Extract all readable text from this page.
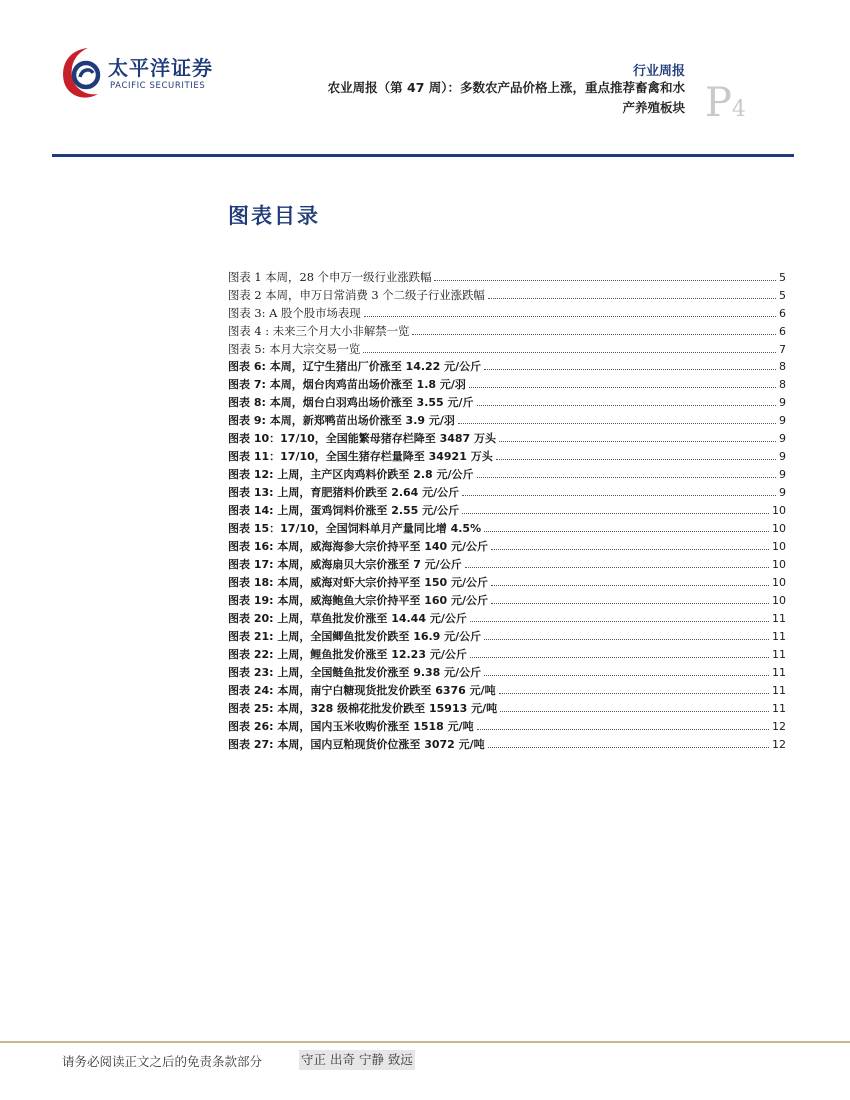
太平洋证券
PACIFIC SECURITIES
行业周报
农业周报（第 47 周）：多数农产品价格上涨，重点推荐畜禽和水
产养殖板块 P4
图表目录
图表 1 本周，28 个申万一级行业涨跌幅	5
图表 2 本周，申万日常消费 3 个二级子行业涨跌幅	5
图表 3: A 股个股市场表现	6
图表 4 : 未来三个月大小非解禁一览	6
图表 5: 本月大宗交易一览	7
图表 6: 本周，辽宁生猪出厂价涨至 14.22 元/公斤	8
图表 7: 本周，烟台肉鸡苗出场价涨至 1.8 元/羽	8
图表 8: 本周，烟台白羽鸡出场价涨至 3.55 元/斤	9
图表 9: 本周，新郑鸭苗出场价涨至 3.9 元/羽	9
图表 10：17/10，全国能繁母猪存栏降至 3487 万头	9
图表 11：17/10，全国生猪存栏量降至 34921 万头	9
图表 12: 上周，主产区肉鸡料价跌至 2.8 元/公斤	9
图表 13: 上周，育肥猪料价跌至 2.64 元/公斤	9
图表 14: 上周，蛋鸡饲料价涨至 2.55 元/公斤	10
图表 15：17/10，全国饲料单月产量同比增 4.5%	10
图表 16: 本周，威海海参大宗价持平至 140 元/公斤	10
图表 17: 本周，威海扇贝大宗价涨至 7 元/公斤	10
图表 18: 本周，威海对虾大宗价持平至 150 元/公斤	10
图表 19: 本周，威海鲍鱼大宗价持平至 160 元/公斤	10
图表 20: 上周，草鱼批发价涨至 14.44 元/公斤	11
图表 21: 上周，全国鲫鱼批发价跌至 16.9 元/公斤	11
图表 22: 上周，鲤鱼批发价涨至 12.23 元/公斤	11
图表 23: 上周，全国鲢鱼批发价涨至 9.38 元/公斤	11
图表 24: 本周，南宁白糖现货批发价跌至 6376 元/吨	11
图表 25: 本周，328 级棉花批发价跌至 15913 元/吨	11
图表 26: 本周，国内玉米收购价涨至 1518 元/吨	12
图表 27: 本周，国内豆粕现货价位涨至 3072 元/吨	12
请务必阅读正文之后的免责条款部分	守正 出奇 宁静 致远
